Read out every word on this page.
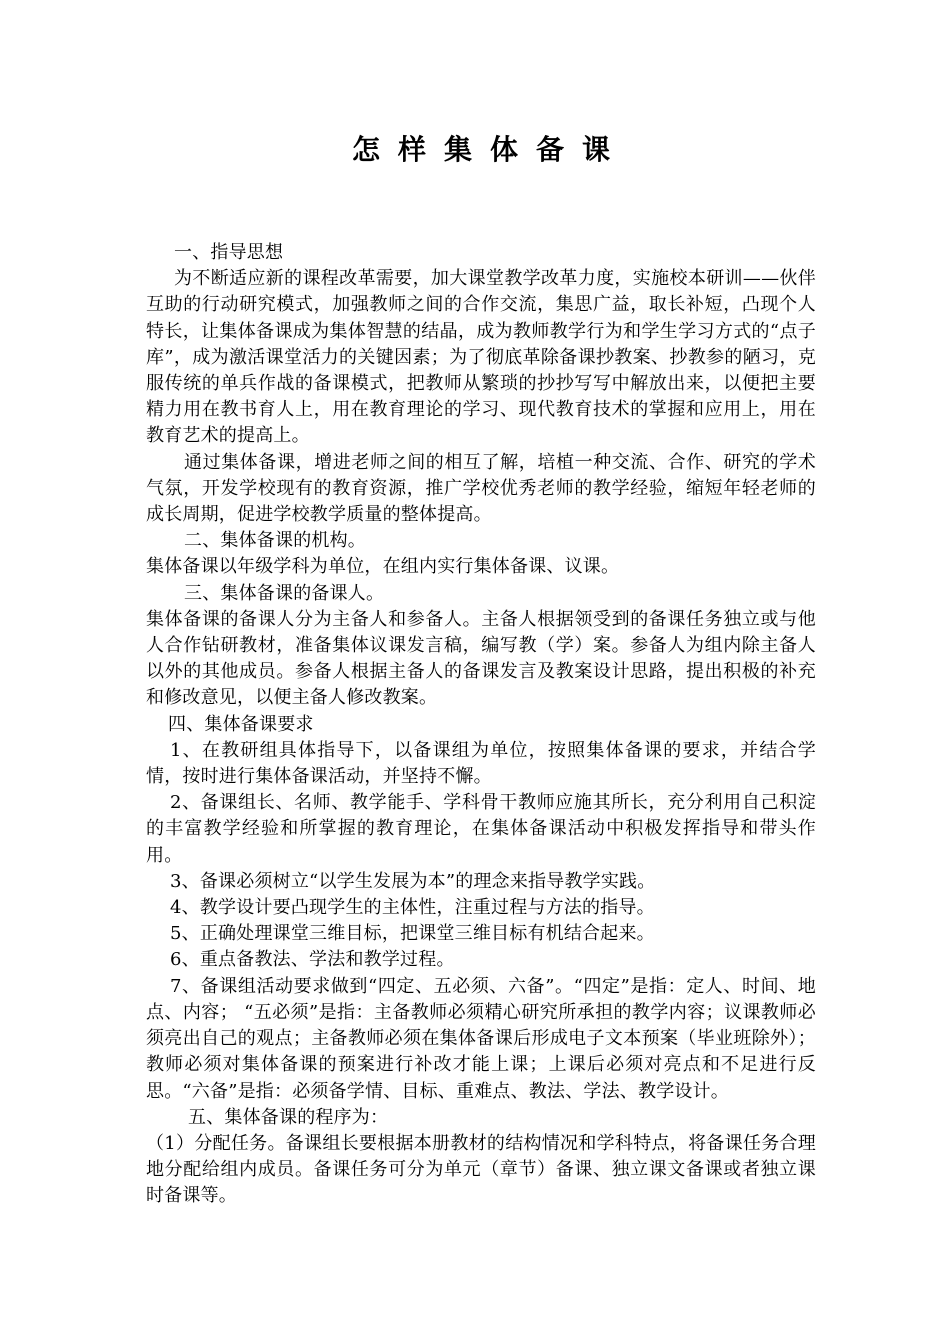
怎样集体备课

一、指导思想

为不断适应新的课程改革需要，加大课堂教学改革力度，实施校本研训——伙伴互助的行动研究模式，加强教师之间的合作交流，集思广益，取长补短，凸现个人特长，让集体备课成为集体智慧的结晶，成为教师教学行为和学生学习方式的“点子库”，成为激活课堂活力的关键因素；为了彻底革除备课抄教案、抄教参的陋习，克服传统的单兵作战的备课模式，把教师从繁琐的抄抄写写中解放出来，以便把主要精力用在教书育人上，用在教育理论的学习、现代教育技术的掌握和应用上，用在教育艺术的提高上。

通过集体备课，增进老师之间的相互了解，培植一种交流、合作、研究的学术气氛，开发学校现有的教育资源，推广学校优秀老师的教学经验，缩短年轻老师的成长周期，促进学校教学质量的整体提高。

二、集体备课的机构。

集体备课以年级学科为单位，在组内实行集体备课、议课。

三、集体备课的备课人。

集体备课的备课人分为主备人和参备人。主备人根据领受到的备课任务独立或与他人合作钻研教材，准备集体议课发言稿，编写教（学）案。参备人为组内除主备人以外的其他成员。参备人根据主备人的备课发言及教案设计思路，提出积极的补充和修改意见，以便主备人修改教案。

四、集体备课要求

1、在教研组具体指导下，以备课组为单位，按照集体备课的要求，并结合学情，按时进行集体备课活动，并坚持不懈。

2、备课组长、名师、教学能手、学科骨干教师应施其所长，充分利用自己积淀的丰富教学经验和所掌握的教育理论，在集体备课活动中积极发挥指导和带头作用。

3、备课必须树立“以学生发展为本”的理念来指导教学实践。

4、教学设计要凸现学生的主体性，注重过程与方法的指导。

5、正确处理课堂三维目标，把课堂三维目标有机结合起来。

6、重点备教法、学法和教学过程。

7、备课组活动要求做到“四定、五必须、六备”。“四定”是指：定人、时间、地点、内容； “五必须”是指：主备教师必须精心研究所承担的教学内容；议课教师必须亮出自己的观点；主备教师必须在集体备课后形成电子文本预案（毕业班除外）；教师必须对集体备课的预案进行补改才能上课；上课后必须对亮点和不足进行反思。“六备”是指：必须备学情、目标、重难点、教法、学法、教学设计。

五、集体备课的程序为：

（1）分配任务。备课组长要根据本册教材的结构情况和学科特点，将备课任务合理地分配给组内成员。备课任务可分为单元（章节）备课、独立课文备课或者独立课时备课等。
